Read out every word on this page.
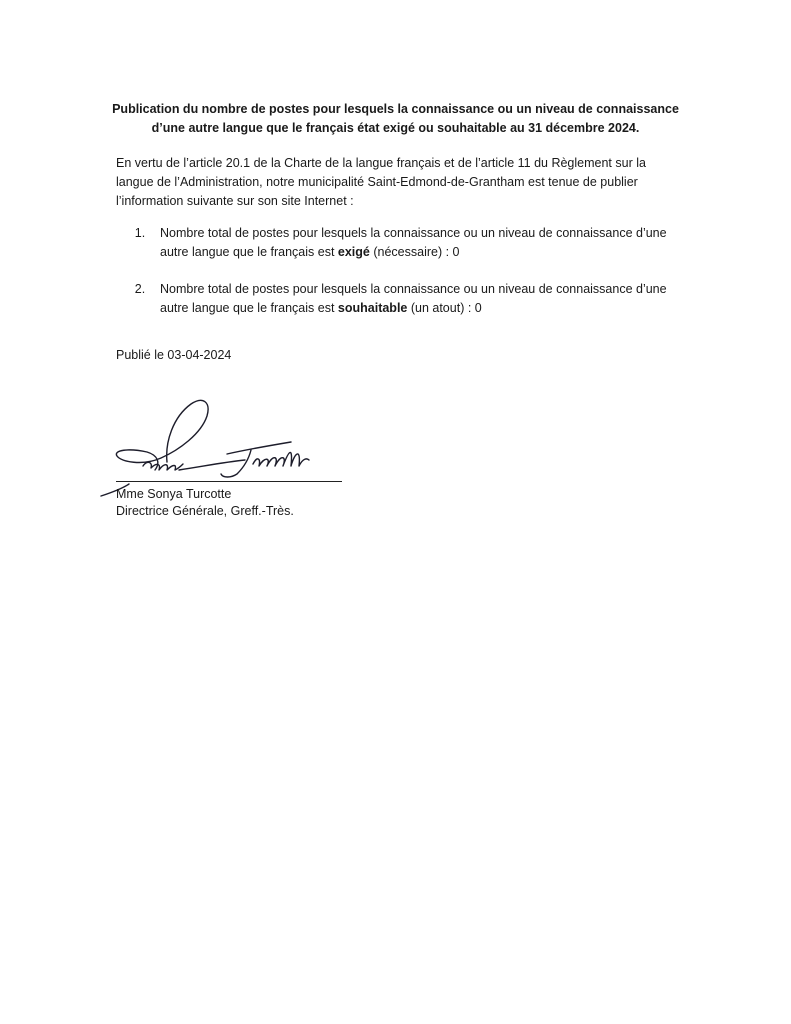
Publication du nombre de postes pour lesquels la connaissance ou un niveau de connaissance
d’une autre langue que le français état exigé ou souhaitable au 31 décembre 2024.
En vertu de l’article 20.1 de la Charte de la langue français et de l’article 11 du Règlement sur la langue de l’Administration, notre municipalité Saint-Edmond-de-Grantham est tenue de publier l’information suivante sur son site Internet :
1.	Nombre total de postes pour lesquels la connaissance ou un niveau de connaissance d’une autre langue que le français est exigé (nécessaire) : 0
2.	Nombre total de postes pour lesquels la connaissance ou un niveau de connaissance d’une autre langue que le français est souhaitable (un atout) : 0
Publié le 03-04-2024
Mme Sonya Turcotte
Directrice Générale, Greff.-Très.
